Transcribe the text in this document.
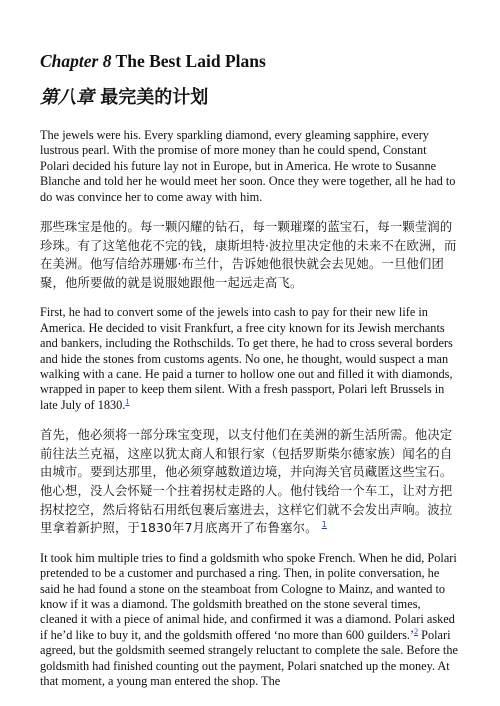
Chapter 8 The Best Laid Plans
第八章 最完美的计划

The jewels were his. Every sparkling diamond, every gleaming sapphire, every lustrous pearl. With the promise of more money than he could spend, Constant Polari decided his future lay not in Europe, but in America. He wrote to Susanne Blanche and told her he would meet her soon. Once they were together, all he had to do was convince her to come away with him.

那些珠宝是他的。每一颗闪耀的钻石，每一颗璀璨的蓝宝石，每一颗莹润的珍珠。有了这笔他花不完的钱，康斯坦特·波拉里决定他的未来不在欧洲，而在美洲。他写信给苏珊娜·布兰什，告诉她他很快就会去见她。一旦他们团聚，他所要做的就是说服她跟他一起远走高飞。

First, he had to convert some of the jewels into cash to pay for their new life in America. He decided to visit Frankfurt, a free city known for its Jewish merchants and bankers, including the Rothschilds. To get there, he had to cross several borders and hide the stones from customs agents. No one, he thought, would suspect a man walking with a cane. He paid a turner to hollow one out and filled it with diamonds, wrapped in paper to keep them silent. With a fresh passport, Polari left Brussels in late July of 1830.$^1$

首先，他必须将一部分珠宝变现，以支付他们在美洲的新生活所需。他决定前往法兰克福，这座以犹太商人和银行家（包括罗斯柴尔德家族）闻名的自由城市。要到达那里，他必须穿越数道边境，并向海关官员藏匿这些宝石。他心想，没人会怀疑一个拄着拐杖走路的人。他付钱给一个车工，让对方把拐杖挖空，然后将钻石用纸包裹后塞进去，这样它们就不会发出声响。波拉里拿着新护照，于1830年7月底离开了布鲁塞尔。 $^1$

It took him multiple tries to find a goldsmith who spoke French. When he did, Polari pretended to be a customer and purchased a ring. Then, in polite conversation, he said he had found a stone on the steamboat from Cologne to Mainz, and wanted to know if it was a diamond. The goldsmith breathed on the stone several times, cleaned it with a piece of animal hide, and confirmed it was a diamond. Polari asked if he’d like to buy it, and the goldsmith offered ‘no more than 600 guilders.’$^2$ Polari agreed, but the goldsmith seemed strangely reluctant to complete the sale. Before the goldsmith had finished counting out the payment, Polari snatched up the money. At that moment, a young man entered the shop. The
